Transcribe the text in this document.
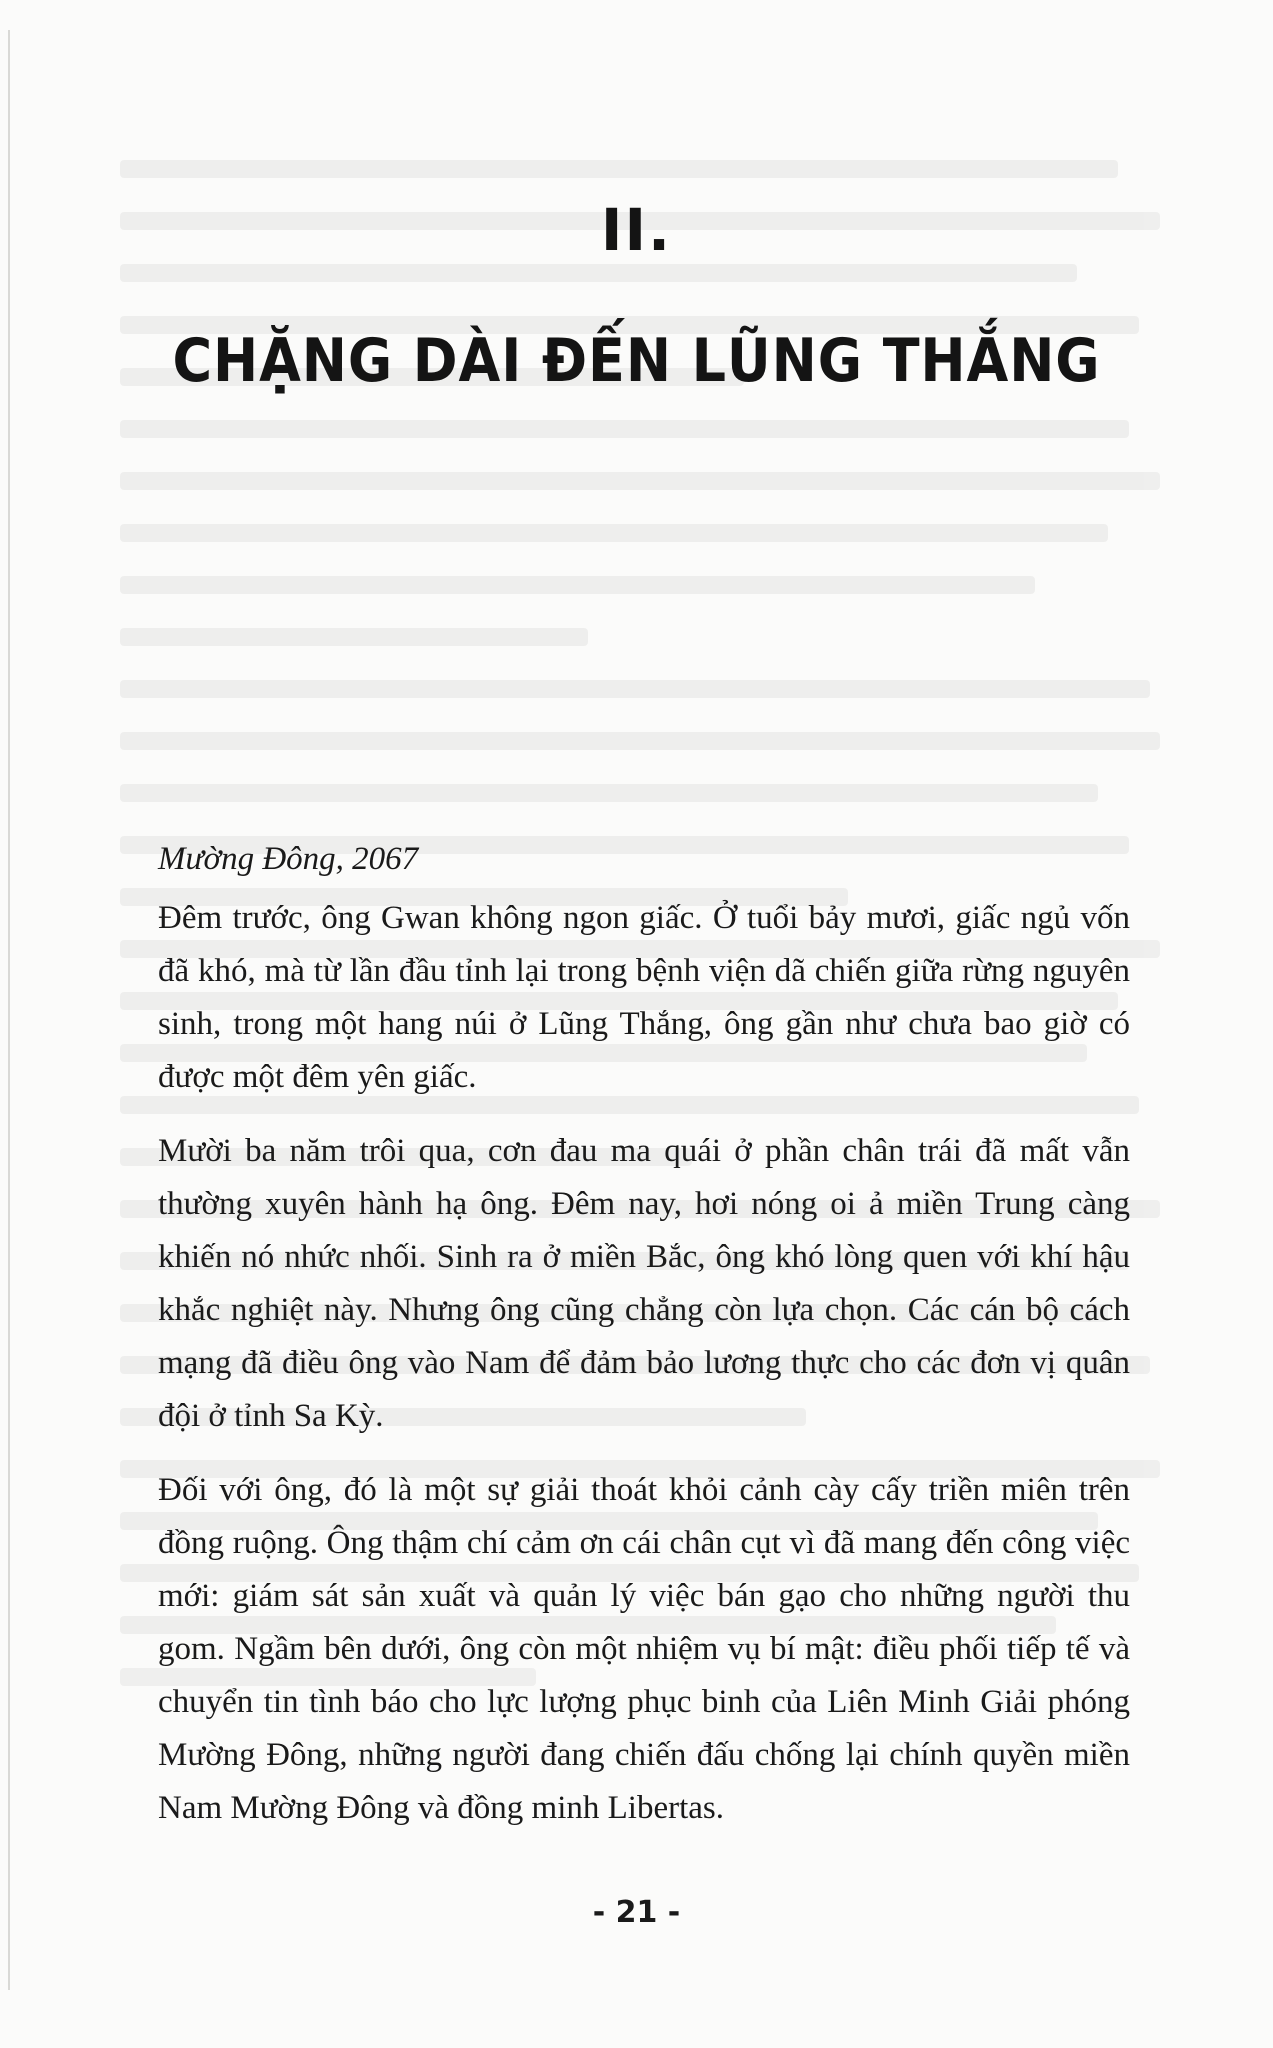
II.
CHẶNG DÀI ĐẾN LŨNG THẮNG

Mường Đông, 2067

Đêm trước, ông Gwan không ngon giấc. Ở tuổi bảy mươi, giấc ngủ vốn đã khó, mà từ lần đầu tỉnh lại trong bệnh viện dã chiến giữa rừng nguyên sinh, trong một hang núi ở Lũng Thắng, ông gần như chưa bao giờ có được một đêm yên giấc.

Mười ba năm trôi qua, cơn đau ma quái ở phần chân trái đã mất vẫn thường xuyên hành hạ ông. Đêm nay, hơi nóng oi ả miền Trung càng khiến nó nhức nhối. Sinh ra ở miền Bắc, ông khó lòng quen với khí hậu khắc nghiệt này. Nhưng ông cũng chẳng còn lựa chọn. Các cán bộ cách mạng đã điều ông vào Nam để đảm bảo lương thực cho các đơn vị quân đội ở tỉnh Sa Kỳ.

Đối với ông, đó là một sự giải thoát khỏi cảnh cày cấy triền miên trên đồng ruộng. Ông thậm chí cảm ơn cái chân cụt vì đã mang đến công việc mới: giám sát sản xuất và quản lý việc bán gạo cho những người thu gom. Ngầm bên dưới, ông còn một nhiệm vụ bí mật: điều phối tiếp tế và chuyển tin tình báo cho lực lượng phục binh của Liên Minh Giải phóng Mường Đông, những người đang chiến đấu chống lại chính quyền miền Nam Mường Đông và đồng minh Libertas.

- 21 -
